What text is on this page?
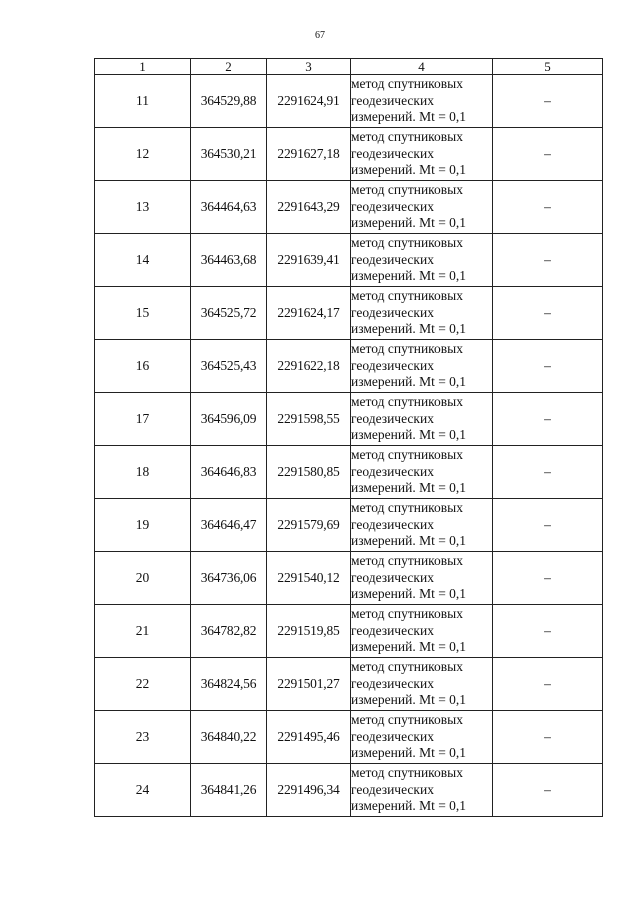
67
1	2	3	4	5
11	364529,88	2291624,91	метод спутниковых
геодезических
измерений. Mt = 0,1	–
12	364530,21	2291627,18	метод спутниковых
геодезических
измерений. Mt = 0,1	–
13	364464,63	2291643,29	метод спутниковых
геодезических
измерений. Mt = 0,1	–
14	364463,68	2291639,41	метод спутниковых
геодезических
измерений. Mt = 0,1	–
15	364525,72	2291624,17	метод спутниковых
геодезических
измерений. Mt = 0,1	–
16	364525,43	2291622,18	метод спутниковых
геодезических
измерений. Mt = 0,1	–
17	364596,09	2291598,55	метод спутниковых
геодезических
измерений. Mt = 0,1	–
18	364646,83	2291580,85	метод спутниковых
геодезических
измерений. Mt = 0,1	–
19	364646,47	2291579,69	метод спутниковых
геодезических
измерений. Mt = 0,1	–
20	364736,06	2291540,12	метод спутниковых
геодезических
измерений. Mt = 0,1	–
21	364782,82	2291519,85	метод спутниковых
геодезических
измерений. Mt = 0,1	–
22	364824,56	2291501,27	метод спутниковых
геодезических
измерений. Mt = 0,1	–
23	364840,22	2291495,46	метод спутниковых
геодезических
измерений. Mt = 0,1	–
24	364841,26	2291496,34	метод спутниковых
геодезических
измерений. Mt = 0,1	–
